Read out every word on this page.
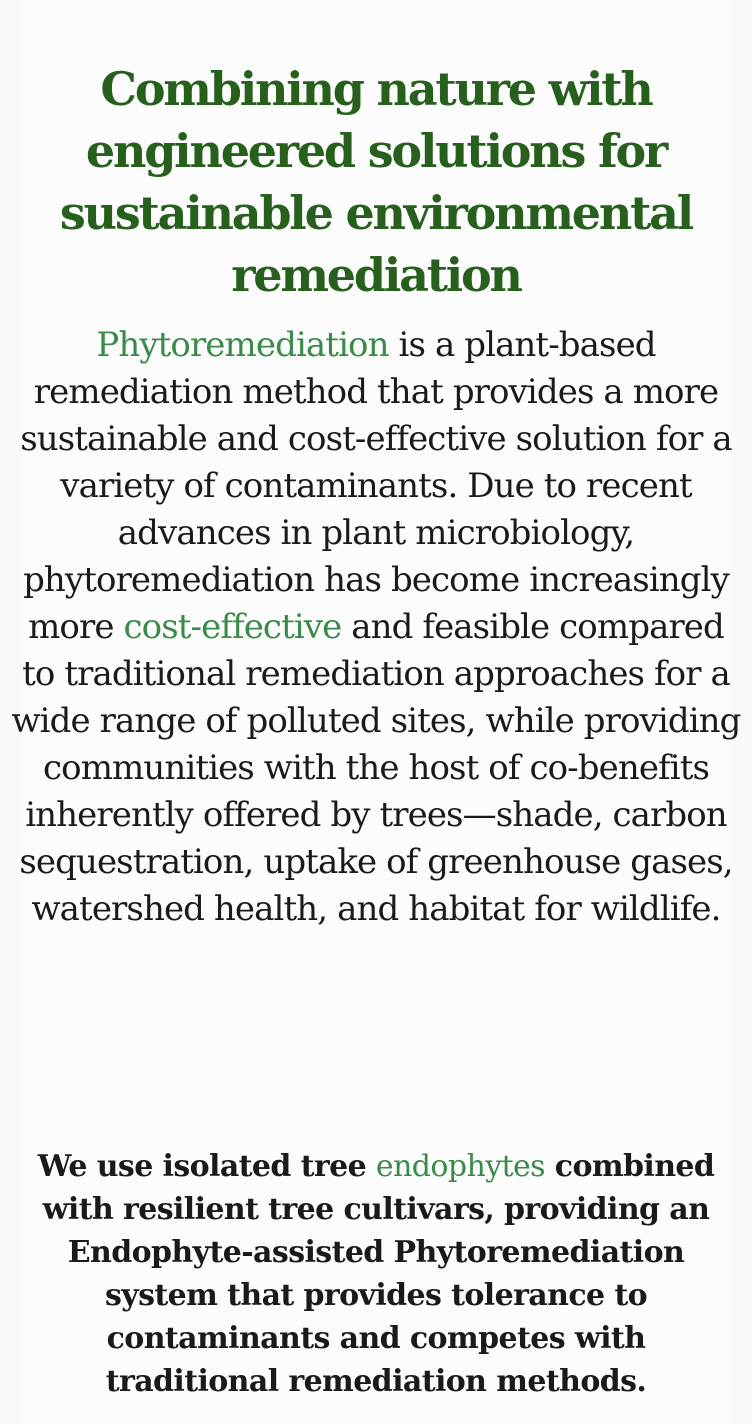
Combining nature with engineered solutions for sustainable environmental remediation

Phytoremediation is a plant-based remediation method that provides a more sustainable and cost-effective solution for a variety of contaminants. Due to recent advances in plant microbiology, phytoremediation has become increasingly more cost-effective and feasible compared to traditional remediation approaches for a wide range of polluted sites, while providing communities with the host of co-benefits inherently offered by trees—shade, carbon sequestration, uptake of greenhouse gases, watershed health, and habitat for wildlife.

We use isolated tree endophytes combined with resilient tree cultivars, providing an Endophyte-assisted Phytoremediation system that provides tolerance to contaminants and competes with traditional remediation methods.
